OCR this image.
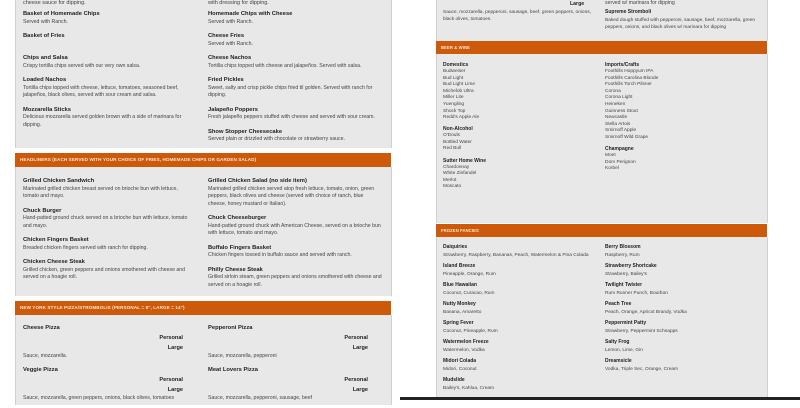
cheese sauce for dipping.	with dressing for dipping.
Basket of Homemade Chips
Served with Ranch.
Basket of Fries
Chips and Salsa
Crispy tortilla chips served with our very own salsa.
Loaded Nachos
Tortilla chips topped with cheese, lettuce, tomatoes, seasoned beef, jalapeños, black olives, served with sour cream and salsa.
Mozzarella Sticks
Delicious mozzarella served golden brown with a side of marinara for dipping.
Homemade Chips with Cheese
Served with Ranch.
Cheese Fries
Served with Ranch.
Cheese Nachos
Tortilla chips topped with cheese and jalapeños. Served with salsa.
Fried Pickles
Sweet, salty and crisp pickle chips fried til golden. Served with ranch for dipping.
Jalapeño Poppers
Fresh jalapeño peppers stuffed with cheese and served with sour cream.
Show Stopper Cheesecake
Served plain or drizzled with chocolate or strawberry sauce.
HEADLINERS (EACH SERVED WITH YOUR CHOICE OF FRIES, HOMEMADE CHIPS OR GARDEN SALAD)
Grilled Chicken Sandwich
Marinated grilled chicken breast served on brioche bun with lettuce, tomato and mayo.
Chuck Burger
Hand-patted ground chuck served on a brioche bun with lettuce, tomato and mayo.
Chicken Fingers Basket
Breaded chicken fingers served with ranch for dipping.
Chicken Cheese Steak
Grilled chicken, green peppers and onions smothered with cheese and served on a hoagie roll.
Grilled Chicken Salad (no side item)
Marinated grilled chicken served atop fresh lettuce, tomato, onion, green peppers, black olives and cheese (served with choice of ranch, blue cheese, honey mustard or Italian).
Chuck Cheeseburger
Hand-patted ground chuck with American Cheese, served on a brioche bun with lettuce, tomato and mayo.
Buffalo Fingers Basket
Chicken fingers tossed in buffalo sauce and served with ranch.
Philly Cheese Steak
Grilled sirloin steam, green peppers and onions smothered with cheese and served on a hoagie roll.
NEW YORK STYLE PIZZA/STROMBOLIS (PERSONAL = 8", LARGE = 14")
Cheese Pizza
Personal
Large
Sauce, mozzarella.
Veggie Pizza
Personal
Large
Sauce, mozzarella, green peppers, onions, black olives, tomatoes
Pepperoni Pizza
Personal
Large
Sauce, mozzarella, pepperoni
Meat Lovers Pizza
Personal
Large
Sauce, mozzarella, pepperoni, sausage, beef
Large
Sauce, mozzarella, pepperoni, sausage, beef, green peppers, onions, black olives, tomatoes.
served w/ marinara for dipping
Supreme Stromboli
Baked dough stuffed with pepperoni, sausage, beef, mozzarella, green peppers, onions, and black olives w/ marinara for dipping
BEER & WINE
Domestics
Budweiser
Bud Light
Bud Light Lime
Michelob Ultra
Miller Lite
Yuengling
Shock Top
Redd's Apple Ale
Non-Alcohol
O'Douls
Bottled Water
Red Bull
Sutter Home Wine
Chardonnay
White Zinfandel
Merlot
Moscato
Imports/Crafts
Foothills Hoppyum IPA
Foothills Carolina Blonde
Foothills Torch Pilsner
Corona
Corona Light
Heineken
Guinness Stout
Newcastle
Stella Artois
Smirnoff Apple
Smirnoff Wild Grape
Champagne
Moet
Dom Perignon
Korbel
FROZEN FANCIES
Daiquiries
Strawberry, Raspberry, Bananas, Peach, Watermelon & Pina Colada
Island Breeze
Pineapple, Orange, Rum
Blue Hawaiian
Coconut, Curacao, Rum
Nutty Monkey
Banana, Amaretto
Spring Fever
Coconut, Pineapple, Rum
Watermelon Freeze
Watermelon, Vodka
Midori Colada
Midori, Coconut
Mudslide
Bailey's, Kahlua, Cream
Berry Blossom
Raspberry, Rum
Strawberry Shortcake
Strawberry, Bailey's
Twilight Twister
Rum Runner Punch, Bourbon
Peach Tree
Peach, Orange, Apricot Brandy, Vodka
Peppermint Patty
Strawberry, Peppermint Schnapps
Salty Frog
Lemon, Lime, Gin
Dreamsicle
Vodka, Triple Sec, Orange, Cream
